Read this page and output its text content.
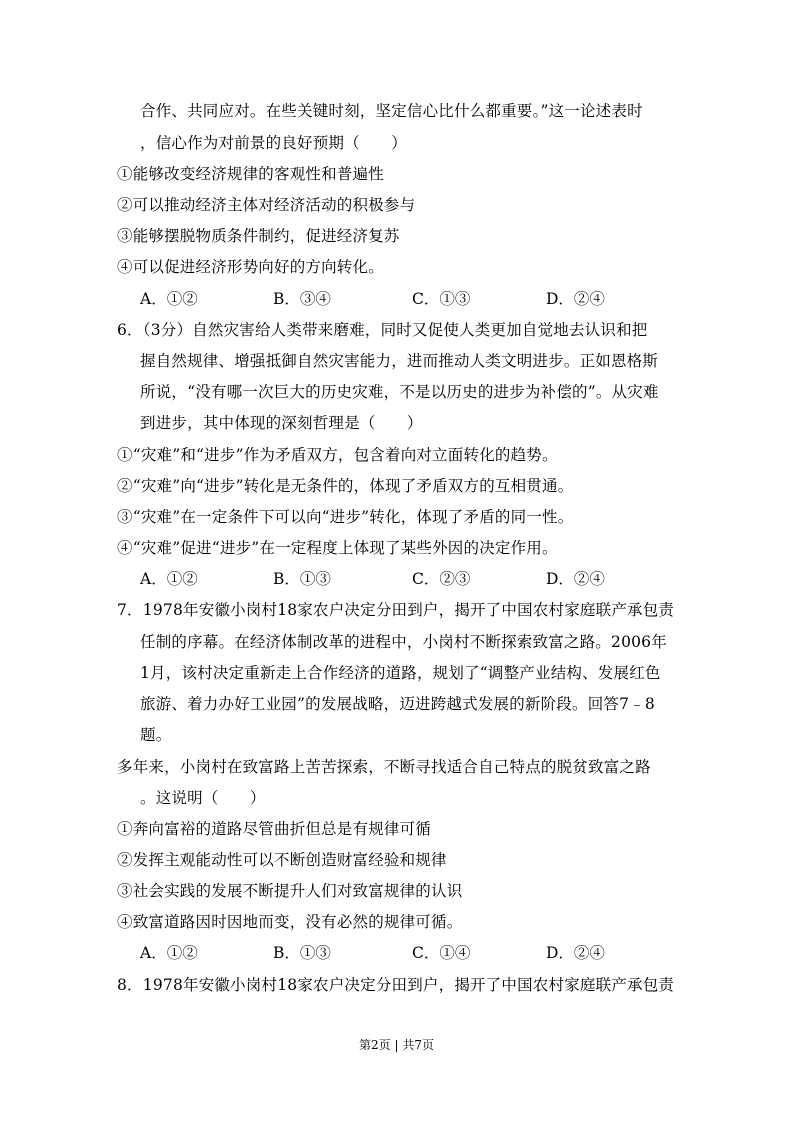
合作、共同应对。在些关键时刻，坚定信心比什么都重要。”这一论述表时
，信心作为对前景的良好预期（　　）
①能够改变经济规律的客观性和普遍性
②可以推动经济主体对经济活动的积极参与
③能够摆脱物质条件制约，促进经济复苏
④可以促进经济形势向好的方向转化。
A．①②	B．③④	C．①③	D．②④
6．（3分）自然灾害给人类带来磨难，同时又促使人类更加自觉地去认识和把
握自然规律、增强抵御自然灾害能力，进而推动人类文明进步。正如恩格斯
所说，“没有哪一次巨大的历史灾难，不是以历史的进步为补偿的”。从灾难
到进步，其中体现的深刻哲理是（　　）
①“灾难”和“进步”作为矛盾双方，包含着向对立面转化的趋势。
②“灾难”向“进步”转化是无条件的，体现了矛盾双方的互相贯通。
③“灾难”在一定条件下可以向“进步”转化，体现了矛盾的同一性。
④“灾难”促进“进步”在一定程度上体现了某些外因的决定作用。
A．①②	B．①③	C．②③	D．②④
7．1978年安徽小岗村18家农户决定分田到户，揭开了中国农村家庭联产承包责
任制的序幕。在经济体制改革的进程中，小岗村不断探索致富之路。2006年
1月，该村决定重新走上合作经济的道路，规划了“调整产业结构、发展红色
旅游、着力办好工业园”的发展战略，迈进跨越式发展的新阶段。回答7﹣8
题。
多年来，小岗村在致富路上苦苦探索，不断寻找适合自己特点的脱贫致富之路
。这说明（　　）
①奔向富裕的道路尽管曲折但总是有规律可循
②发挥主观能动性可以不断创造财富经验和规律
③社会实践的发展不断提升人们对致富规律的认识
④致富道路因时因地而变，没有必然的规律可循。
A．①②	B．①③	C．①④	D．②④
8．1978年安徽小岗村18家农户决定分田到户，揭开了中国农村家庭联产承包责
第2页 | 共7页
